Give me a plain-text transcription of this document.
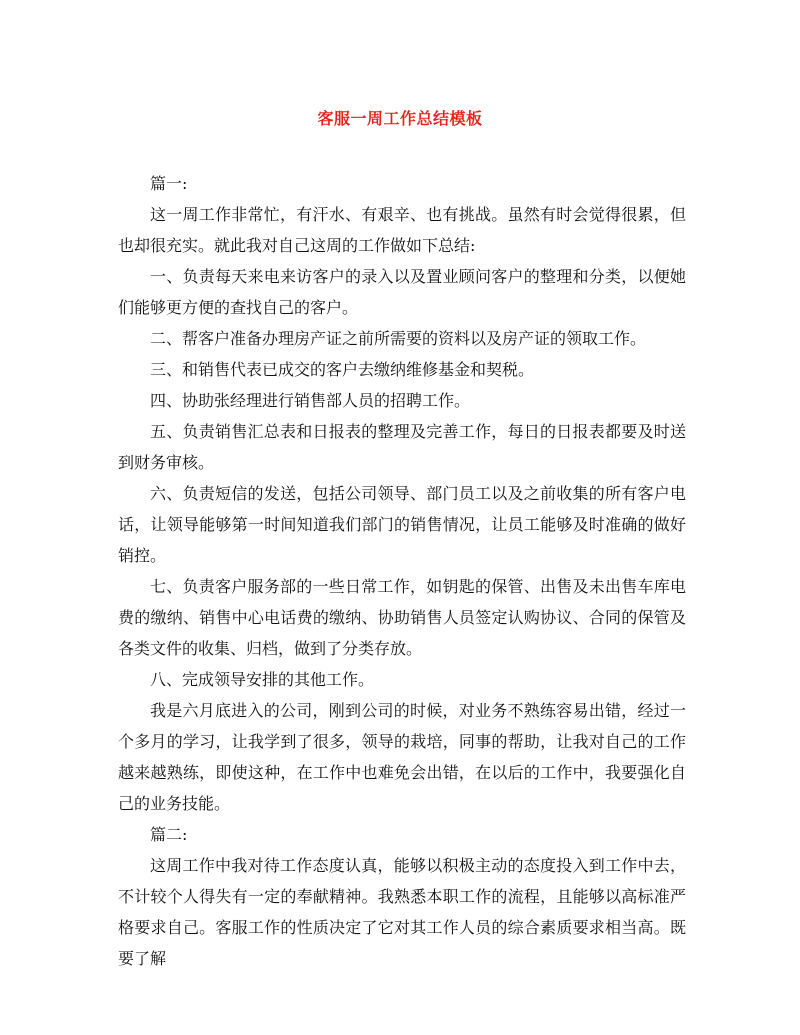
客服一周工作总结模板

篇一:

这一周工作非常忙，有汗水、有艰辛、也有挑战。虽然有时会觉得很累，但也却很充实。就此我对自己这周的工作做如下总结:

一、负责每天来电来访客户的录入以及置业顾问客户的整理和分类，以便她们能够更方便的查找自己的客户。

二、帮客户准备办理房产证之前所需要的资料以及房产证的领取工作。

三、和销售代表已成交的客户去缴纳维修基金和契税。

四、协助张经理进行销售部人员的招聘工作。

五、负责销售汇总表和日报表的整理及完善工作，每日的日报表都要及时送到财务审核。

六、负责短信的发送，包括公司领导、部门员工以及之前收集的所有客户电话，让领导能够第一时间知道我们部门的销售情况，让员工能够及时准确的做好销控。

七、负责客户服务部的一些日常工作，如钥匙的保管、出售及未出售车库电费的缴纳、销售中心电话费的缴纳、协助销售人员签定认购协议、合同的保管及各类文件的收集、归档，做到了分类存放。

八、完成领导安排的其他工作。

我是六月底进入的公司，刚到公司的时候，对业务不熟练容易出错，经过一个多月的学习，让我学到了很多，领导的栽培，同事的帮助，让我对自己的工作越来越熟练，即使这种，在工作中也难免会出错，在以后的工作中，我要强化自己的业务技能。

篇二:

这周工作中我对待工作态度认真，能够以积极主动的态度投入到工作中去，不计较个人得失有一定的奉献精神。我熟悉本职工作的流程，且能够以高标准严格要求自己。客服工作的性质决定了它对其工作人员的综合素质要求相当高。既要了解
